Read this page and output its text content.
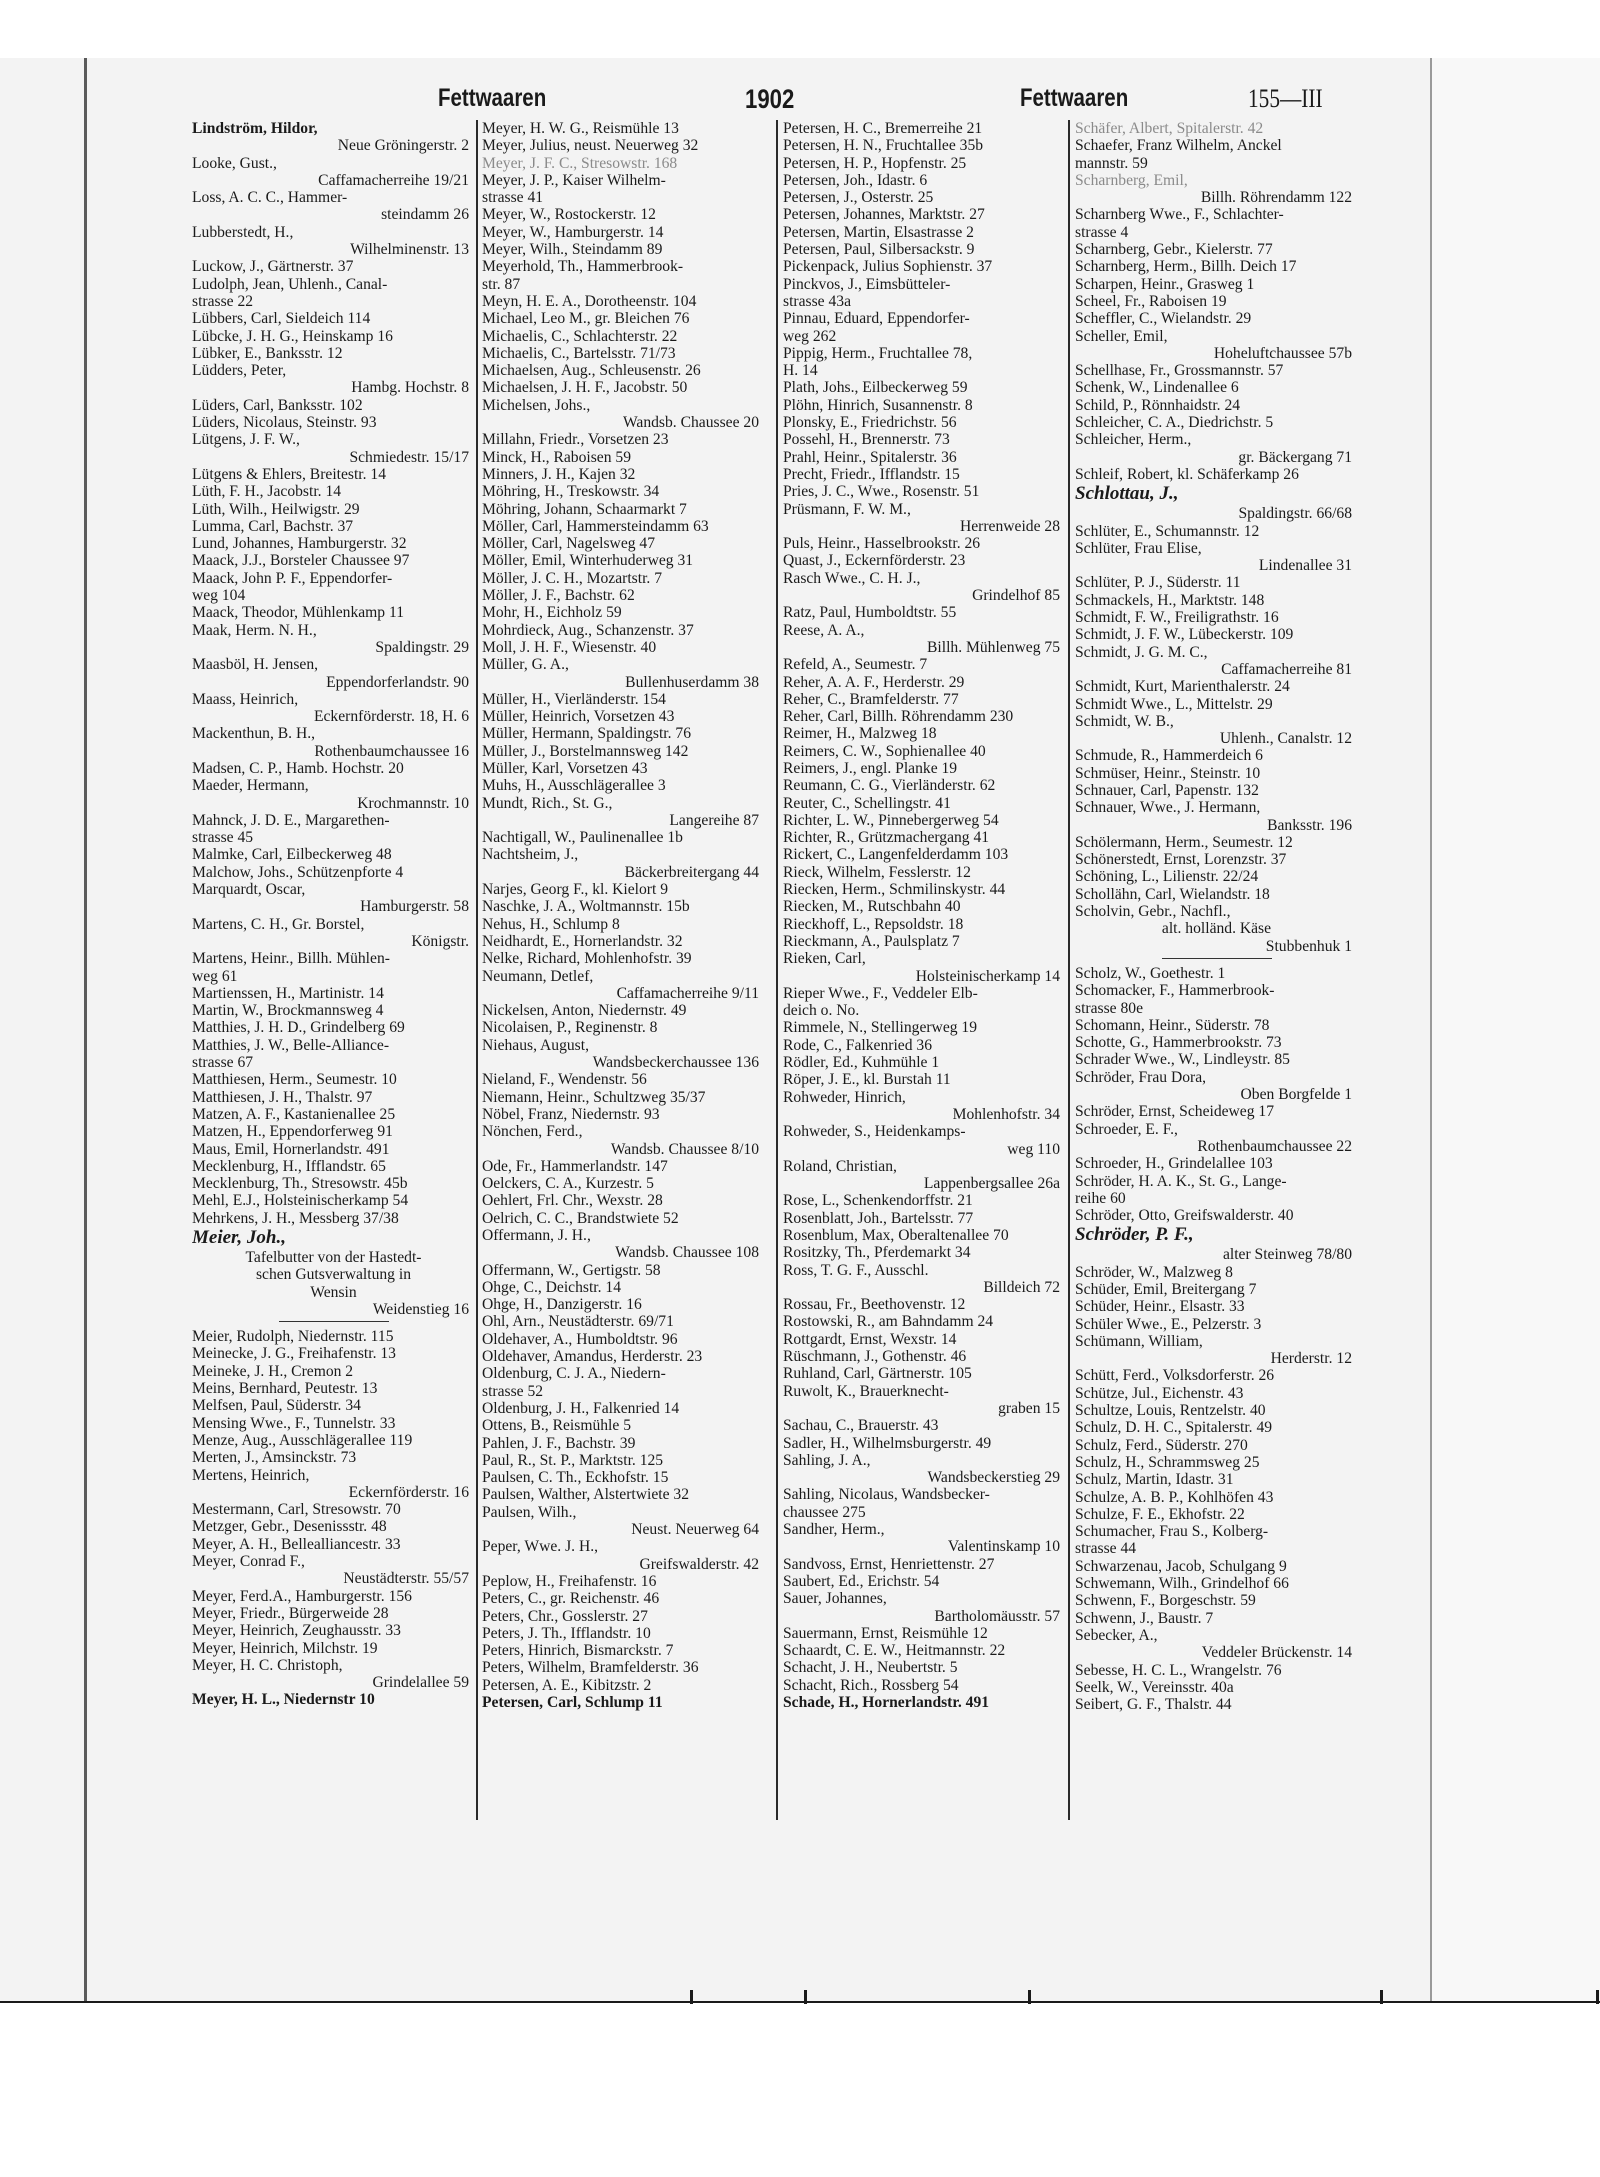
Fettwaaren	1902	Fettwaaren	155—III
Lindström, Hildor,
Neue Gröningerstr. 2
Looke, Gust.,
Caffamacherreihe 19/21
Loss, A. C. C., Hammer-
steindamm 26
Lubberstedt, H.,
Wilhelminenstr. 13
Luckow, J., Gärtnerstr. 37
Ludolph, Jean, Uhlenh., Canal-
strasse 22
Lübbers, Carl, Sieldeich 114
Lübcke, J. H. G., Heinskamp 16
Lübker, E., Banksstr. 12
Lüdders, Peter,
Hambg. Hochstr. 8
Lüders, Carl, Banksstr. 102
Lüders, Nicolaus, Steinstr. 93
Lütgens, J. F. W.,
Schmiedestr. 15/17
Lütgens & Ehlers, Breitestr. 14
Lüth, F. H., Jacobstr. 14
Lüth, Wilh., Heilwigstr. 29
Lumma, Carl, Bachstr. 37
Lund, Johannes, Hamburgerstr. 32
Maack, J.J., Borsteler Chaussee 97
Maack, John P. F., Eppendorfer-
weg 104
Maack, Theodor, Mühlenkamp 11
Maak, Herm. N. H.,
Spaldingstr. 29
Maasböl, H. Jensen,
Eppendorferlandstr. 90
Maass, Heinrich,
Eckernförderstr. 18, H. 6
Mackenthun, B. H.,
Rothenbaumchaussee 16
Madsen, C. P., Hamb. Hochstr. 20
Maeder, Hermann,
Krochmannstr. 10
Mahnck, J. D. E., Margarethen-
strasse 45
Malmke, Carl, Eilbeckerweg 48
Malchow, Johs., Schützenpforte 4
Marquardt, Oscar,
Hamburgerstr. 58
Martens, C. H., Gr. Borstel,
Königstr.
Martens, Heinr., Billh. Mühlen-
weg 61
Martienssen, H., Martinistr. 14
Martin, W., Brockmannsweg 4
Matthies, J. H. D., Grindelberg 69
Matthies, J. W., Belle-Alliance-
strasse 67
Matthiesen, Herm., Seumestr. 10
Matthiesen, J. H., Thalstr. 97
Matzen, A. F., Kastanienallee 25
Matzen, H., Eppendorferweg 91
Maus, Emil, Hornerlandstr. 491
Mecklenburg, H., Ifflandstr. 65
Mecklenburg, Th., Stresowstr. 45b
Mehl, E.J., Holsteinischerkamp 54
Mehrkens, J. H., Messberg 37/38
Meier, Joh.,
Tafelbutter von der Hastedt-
schen Gutsverwaltung in
Wensin
Weidenstieg 16
Meier, Rudolph, Niedernstr. 115
Meinecke, J. G., Freihafenstr. 13
Meineke, J. H., Cremon 2
Meins, Bernhard, Peutestr. 13
Melfsen, Paul, Süderstr. 34
Mensing Wwe., F., Tunnelstr. 33
Menze, Aug., Ausschlägerallee 119
Merten, J., Amsinckstr. 73
Mertens, Heinrich,
Eckernförderstr. 16
Mestermann, Carl, Stresowstr. 70
Metzger, Gebr., Desenissstr. 48
Meyer, A. H., Bellealliancestr. 33
Meyer, Conrad F.,
Neustädterstr. 55/57
Meyer, Ferd.A., Hamburgerstr. 156
Meyer, Friedr., Bürgerweide 28
Meyer, Heinrich, Zeughausstr. 33
Meyer, Heinrich, Milchstr. 19
Meyer, H. C. Christoph,
Grindelallee 59
Meyer, H. L., Niedernstr 10
Meyer, H. W. G., Reismühle 13
Meyer, Julius, neust. Neuerweg 32
Meyer, J. F. C., Stresowstr. 168
Meyer, J. P., Kaiser Wilhelm-
strasse 41
Meyer, W., Rostockerstr. 12
Meyer, W., Hamburgerstr. 14
Meyer, Wilh., Steindamm 89
Meyerhold, Th., Hammerbrook-
str. 87
Meyn, H. E. A., Dorotheenstr. 104
Michael, Leo M., gr. Bleichen 76
Michaelis, C., Schlachterstr. 22
Michaelis, C., Bartelsstr. 71/73
Michaelsen, Aug., Schleusenstr. 26
Michaelsen, J. H. F., Jacobstr. 50
Michelsen, Johs.,
Wandsb. Chaussee 20
Millahn, Friedr., Vorsetzen 23
Minck, H., Raboisen 59
Minners, J. H., Kajen 32
Möhring, H., Treskowstr. 34
Möhring, Johann, Schaarmarkt 7
Möller, Carl, Hammersteindamm 63
Möller, Carl, Nagelsweg 47
Möller, Emil, Winterhuderweg 31
Möller, J. C. H., Mozartstr. 7
Möller, J. F., Bachstr. 62
Mohr, H., Eichholz 59
Mohrdieck, Aug., Schanzenstr. 37
Moll, J. H. F., Wiesenstr. 40
Müller, G. A.,
Bullenhuserdamm 38
Müller, H., Vierländerstr. 154
Müller, Heinrich, Vorsetzen 43
Müller, Hermann, Spaldingstr. 76
Müller, J., Borstelmannsweg 142
Müller, Karl, Vorsetzen 43
Muhs, H., Ausschlägerallee 3
Mundt, Rich., St. G.,
Langereihe 87
Nachtigall, W., Paulinenallee 1b
Nachtsheim, J.,
Bäckerbreitergang 44
Narjes, Georg F., kl. Kielort 9
Naschke, J. A., Woltmannstr. 15b
Nehus, H., Schlump 8
Neidhardt, E., Hornerlandstr. 32
Nelke, Richard, Mohlenhofstr. 39
Neumann, Detlef,
Caffamacherreihe 9/11
Nickelsen, Anton, Niedernstr. 49
Nicolaisen, P., Reginenstr. 8
Niehaus, August,
Wandsbeckerchaussee 136
Nieland, F., Wendenstr. 56
Niemann, Heinr., Schultzweg 35/37
Nöbel, Franz, Niedernstr. 93
Nönchen, Ferd.,
Wandsb. Chaussee 8/10
Ode, Fr., Hammerlandstr. 147
Oelckers, C. A., Kurzestr. 5
Oehlert, Frl. Chr., Wexstr. 28
Oelrich, C. C., Brandstwiete 52
Offermann, J. H.,
Wandsb. Chaussee 108
Offermann, W., Gertigstr. 58
Ohge, C., Deichstr. 14
Ohge, H., Danzigerstr. 16
Ohl, Arn., Neustädterstr. 69/71
Oldehaver, A., Humboldtstr. 96
Oldehaver, Amandus, Herderstr. 23
Oldenburg, C. J. A., Niedern-
strasse 52
Oldenburg, J. H., Falkenried 14
Ottens, B., Reismühle 5
Pahlen, J. F., Bachstr. 39
Paul, R., St. P., Marktstr. 125
Paulsen, C. Th., Eckhofstr. 15
Paulsen, Walther, Alstertwiete 32
Paulsen, Wilh.,
Neust. Neuerweg 64
Peper, Wwe. J. H.,
Greifswalderstr. 42
Peplow, H., Freihafenstr. 16
Peters, C., gr. Reichenstr. 46
Peters, Chr., Gosslerstr. 27
Peters, J. Th., Ifflandstr. 10
Peters, Hinrich, Bismarckstr. 7
Peters, Wilhelm, Bramfelderstr. 36
Petersen, A. E., Kibitzstr. 2
Petersen, Carl, Schlump 11
Petersen, H. C., Bremerreihe 21
Petersen, H. N., Fruchtallee 35b
Petersen, H. P., Hopfenstr. 25
Petersen, Joh., Idastr. 6
Petersen, J., Osterstr. 25
Petersen, Johannes, Marktstr. 27
Petersen, Martin, Elsastrasse 2
Petersen, Paul, Silbersackstr. 9
Pickenpack, Julius Sophienstr. 37
Pinckvos, J., Eimsbütteler-
strasse 43a
Pinnau, Eduard, Eppendorfer-
weg 262
Pippig, Herm., Fruchtallee 78,
H. 14
Plath, Johs., Eilbeckerweg 59
Plöhn, Hinrich, Susannenstr. 8
Plonsky, E., Friedrichstr. 56
Possehl, H., Brennerstr. 73
Prahl, Heinr., Spitalerstr. 36
Precht, Friedr., Ifflandstr. 15
Pries, J. C., Wwe., Rosenstr. 51
Prüsmann, F. W. M.,
Herrenweide 28
Puls, Heinr., Hasselbrookstr. 26
Quast, J., Eckernförderstr. 23
Rasch Wwe., C. H. J.,
Grindelhof 85
Ratz, Paul, Humboldtstr. 55
Reese, A. A.,
Billh. Mühlenweg 75
Refeld, A., Seumestr. 7
Reher, A. A. F., Herderstr. 29
Reher, C., Bramfelderstr. 77
Reher, Carl, Billh. Röhrendamm 230
Reimer, H., Malzweg 18
Reimers, C. W., Sophienallee 40
Reimers, J., engl. Planke 19
Reumann, C. G., Vierländerstr. 62
Reuter, C., Schellingstr. 41
Richter, L. W., Pinnebergerweg 54
Richter, R., Grützmachergang 41
Rickert, C., Langenfelderdamm 103
Rieck, Wilhelm, Fesslerstr. 12
Riecken, Herm., Schmilinskystr. 44
Riecken, M., Rutschbahn 40
Rieckhoff, L., Repsoldstr. 18
Rieckmann, A., Paulsplatz 7
Rieken, Carl,
Holsteinischerkamp 14
Rieper Wwe., F., Veddeler Elb-
deich o. No.
Rimmele, N., Stellingerweg 19
Rode, C., Falkenried 36
Rödler, Ed., Kuhmühle 1
Röper, J. E., kl. Burstah 11
Rohweder, Hinrich,
Mohlenhofstr. 34
Rohweder, S., Heidenkamps-
weg 110
Roland, Christian,
Lappenbergsallee 26a
Rose, L., Schenkendorffstr. 21
Rosenblatt, Joh., Bartelsstr. 77
Rosenblum, Max, Oberaltenallee 70
Rositzky, Th., Pferdemarkt 34
Ross, T. G. F., Ausschl.
Billdeich 72
Rossau, Fr., Beethovenstr. 12
Rostowski, R., am Bahndamm 24
Rottgardt, Ernst, Wexstr. 14
Rüschmann, J., Gothenstr. 46
Ruhland, Carl, Gärtnerstr. 105
Ruwolt, K., Brauerknecht-
graben 15
Sachau, C., Brauerstr. 43
Sadler, H., Wilhelmsburgerstr. 49
Sahling, J. A.,
Wandsbeckerstieg 29
Sahling, Nicolaus, Wandsbecker-
chaussee 275
Sandher, Herm.,
Valentinskamp 10
Sandvoss, Ernst, Henriettenstr. 27
Saubert, Ed., Erichstr. 54
Sauer, Johannes,
Bartholomäusstr. 57
Sauermann, Ernst, Reismühle 12
Schaardt, C. E. W., Heitmannstr. 22
Schacht, J. H., Neubertstr. 5
Schacht, Rich., Rossberg 54
Schade, H., Hornerlandstr. 491
Schäfer, Albert, Spitalerstr. 42
Schaefer, Franz Wilhelm, Anckel
mannstr. 59
Scharnberg, Emil,
Billh. Röhrendamm 122
Scharnberg Wwe., F., Schlachter-
strasse 4
Scharnberg, Gebr., Kielerstr. 77
Scharnberg, Herm., Billh. Deich 17
Scharpen, Heinr., Grasweg 1
Scheel, Fr., Raboisen 19
Scheffler, C., Wielandstr. 29
Scheller, Emil,
Hoheluftchaussee 57b
Schellhase, Fr., Grossmannstr. 57
Schenk, W., Lindenallee 6
Schild, P., Rönnhaidstr. 24
Schleicher, C. A., Diedrichstr. 5
Schleicher, Herm.,
gr. Bäckergang 71
Schleif, Robert, kl. Schäferkamp 26
Schlottau, J.,
Spaldingstr. 66/68
Schlüter, E., Schumannstr. 12
Schlüter, Frau Elise,
Lindenallee 31
Schlüter, P. J., Süderstr. 11
Schmackels, H., Marktstr. 148
Schmidt, F. W., Freiligrathstr. 16
Schmidt, J. F. W., Lübeckerstr. 109
Schmidt, J. G. M. C.,
Caffamacherreihe 81
Schmidt, Kurt, Marienthalerstr. 24
Schmidt Wwe., L., Mittelstr. 29
Schmidt, W. B.,
Uhlenh., Canalstr. 12
Schmude, R., Hammerdeich 6
Schmüser, Heinr., Steinstr. 10
Schnauer, Carl, Papenstr. 132
Schnauer, Wwe., J. Hermann,
Banksstr. 196
Schölermann, Herm., Seumestr. 12
Schönerstedt, Ernst, Lorenzstr. 37
Schöning, L., Lilienstr. 22/24
Schollähn, Carl, Wielandstr. 18
Scholvin, Gebr., Nachfl.,
alt. holländ. Käse
Stubbenhuk 1
Scholz, W., Goethestr. 1
Schomacker, F., Hammerbrook-
strasse 80e
Schomann, Heinr., Süderstr. 78
Schotte, G., Hammerbrookstr. 73
Schrader Wwe., W., Lindleystr. 85
Schröder, Frau Dora,
Oben Borgfelde 1
Schröder, Ernst, Scheideweg 17
Schroeder, E. F.,
Rothenbaumchaussee 22
Schroeder, H., Grindelallee 103
Schröder, H. A. K., St. G., Lange-
reihe 60
Schröder, Otto, Greifswalderstr. 40
Schröder, P. F.,
alter Steinweg 78/80
Schröder, W., Malzweg 8
Schüder, Emil, Breitergang 7
Schüder, Heinr., Elsastr. 33
Schüler Wwe., E., Pelzerstr. 3
Schümann, William,
Herderstr. 12
Schütt, Ferd., Volksdorferstr. 26
Schütze, Jul., Eichenstr. 43
Schultze, Louis, Rentzelstr. 40
Schulz, D. H. C., Spitalerstr. 49
Schulz, Ferd., Süderstr. 270
Schulz, H., Schrammsweg 25
Schulz, Martin, Idastr. 31
Schulze, A. B. P., Kohlhöfen 43
Schulze, F. E., Ekhofstr. 22
Schumacher, Frau S., Kolberg-
strasse 44
Schwarzenau, Jacob, Schulgang 9
Schwemann, Wilh., Grindelhof 66
Schwenn, F., Borgeschstr. 59
Schwenn, J., Baustr. 7
Sebecker, A.,
Veddeler Brückenstr. 14
Sebesse, H. C. L., Wrangelstr. 76
Seelk, W., Vereinsstr. 40a
Seibert, G. F., Thalstr. 44
